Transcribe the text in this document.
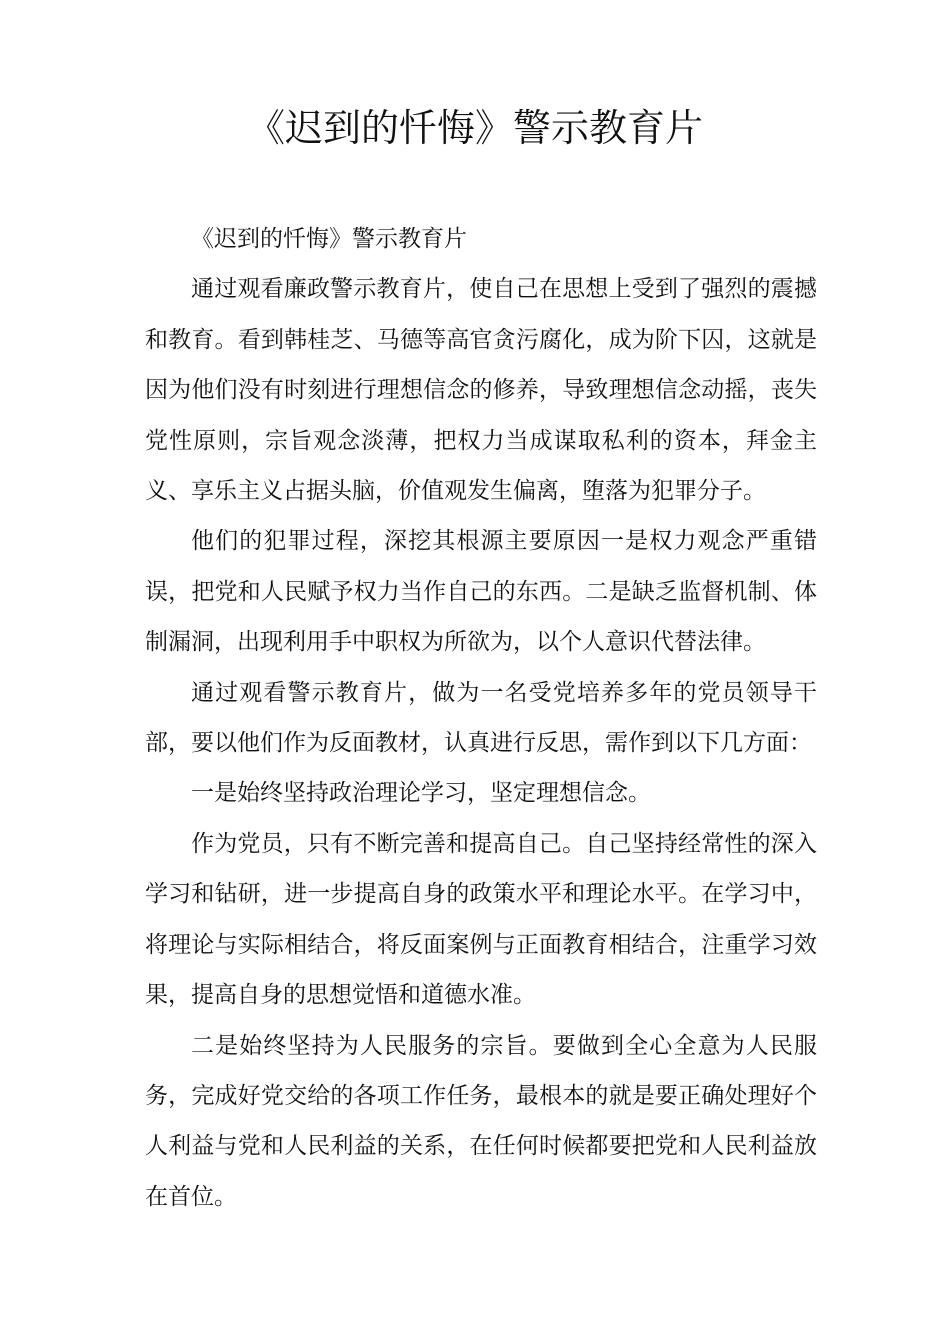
《迟到的忏悔》警示教育片

《迟到的忏悔》警示教育片

通过观看廉政警示教育片，使自己在思想上受到了强烈的震撼和教育。看到韩桂芝、马德等高官贪污腐化，成为阶下囚，这就是因为他们没有时刻进行理想信念的修养，导致理想信念动摇，丧失党性原则，宗旨观念淡薄，把权力当成谋取私利的资本，拜金主义、享乐主义占据头脑，价值观发生偏离，堕落为犯罪分子。

他们的犯罪过程，深挖其根源主要原因一是权力观念严重错误，把党和人民赋予权力当作自己的东西。二是缺乏监督机制、体制漏洞，出现利用手中职权为所欲为，以个人意识代替法律。

通过观看警示教育片，做为一名受党培养多年的党员领导干部，要以他们作为反面教材，认真进行反思，需作到以下几方面：

一是始终坚持政治理论学习，坚定理想信念。

作为党员，只有不断完善和提高自己。自己坚持经常性的深入学习和钻研，进一步提高自身的政策水平和理论水平。在学习中，将理论与实际相结合，将反面案例与正面教育相结合，注重学习效果，提高自身的思想觉悟和道德水准。

二是始终坚持为人民服务的宗旨。要做到全心全意为人民服务，完成好党交给的各项工作任务，最根本的就是要正确处理好个人利益与党和人民利益的关系，在任何时候都要把党和人民利益放在首位。
